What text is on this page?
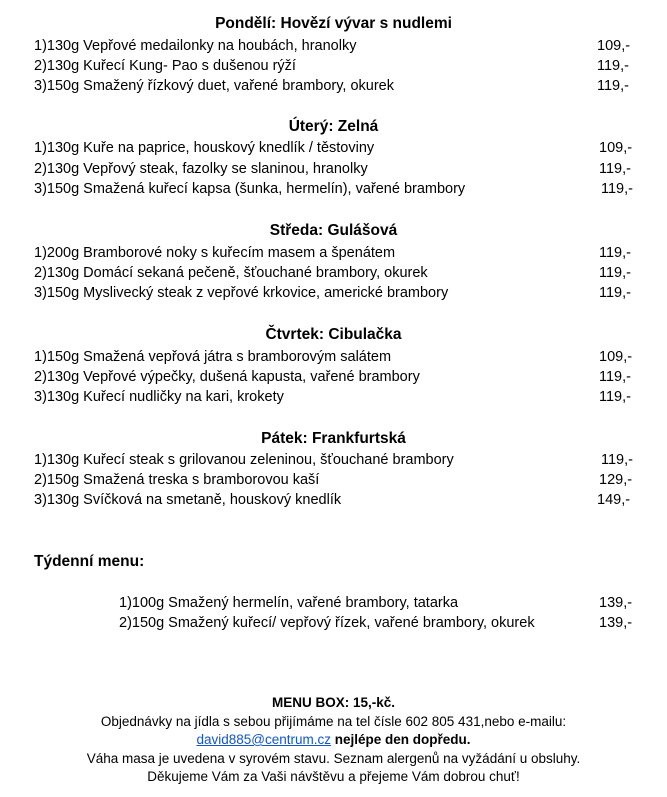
Pondělí: Hovězí vývar s nudlemi
1)130g Vepřové medailonky na houbách, hranolky	109,-
2)130g Kuřecí Kung- Pao s dušenou rýží	119,-
3)150g Smažený řízkový duet, vařené brambory, okurek	119,-
Úterý: Zelná
1)130g Kuře na paprice, houskový knedlík / těstoviny	109,-
2)130g Vepřový steak, fazolky se slaninou, hranolky	119,-
3)150g Smažená kuřecí kapsa (šunka, hermelín), vařené brambory	119,-
Středa: Gulášová
1)200g Bramborové noky s kuřecím masem a špenátem	119,-
2)130g Domácí sekaná pečeně, šťouchané brambory, okurek	119,-
3)150g Myslivecký steak z vepřové krkovice, americké brambory	119,-
Čtvrtek: Cibulačka
1)150g Smažená vepřová játra s bramborovým salátem	109,-
2)130g Vepřové výpečky, dušená kapusta, vařené brambory	119,-
3)130g Kuřecí nudličky na kari, krokety	119,-
Pátek: Frankfurtská
1)130g Kuřecí steak s grilovanou zeleninou, šťouchané brambory	119,-
2)150g Smažená treska s bramborovou kaší	129,-
3)130g Svíčková na smetaně, houskový knedlík	149,-
Týdenní menu:
1)100g Smažený hermelín, vařené brambory, tatarka	139,-
2)150g Smažený kuřecí/ vepřový řízek, vařené brambory, okurek	139,-
MENU BOX: 15,-kč.
Objednávky na jídla s sebou přijímáme na tel čísle 602 805 431,nebo e-mailu:
david885@centrum.cz nejlépe den dopředu.
Váha masa je uvedena v syrovém stavu. Seznam alergenů na vyžádání u obsluhy.
Děkujeme Vám za Vaši návštěvu a přejeme Vám dobrou chuť!
